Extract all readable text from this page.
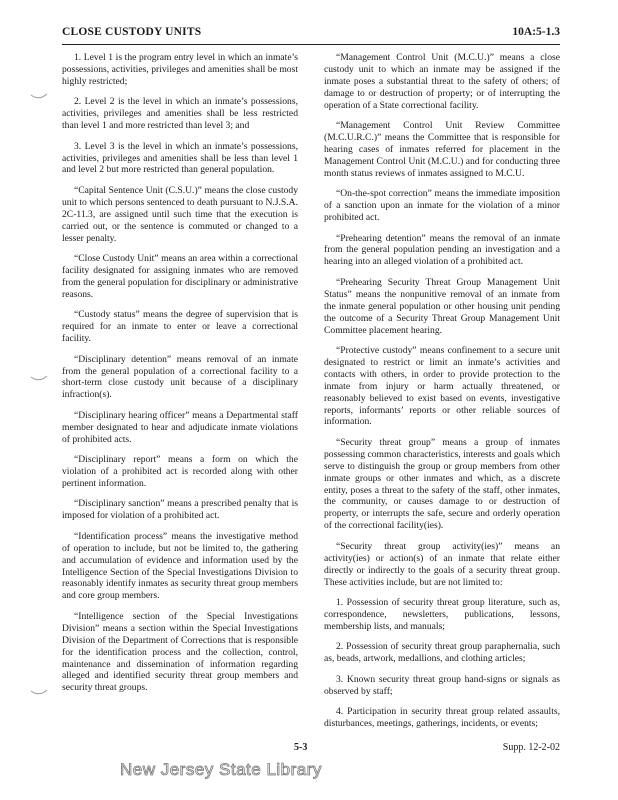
CLOSE CUSTODY UNITS	10A:5-1.3

1. Level 1 is the program entry level in which an inmate’s possessions, activities, privileges and amenities shall be most highly restricted;

2. Level 2 is the level in which an inmate’s possessions, activities, privileges and amenities shall be less restricted than level 1 and more restricted than level 3; and

3. Level 3 is the level in which an inmate’s possessions, activities, privileges and amenities shall be less than level 1 and level 2 but more restricted than general population.

“Capital Sentence Unit (C.S.U.)” means the close custody unit to which persons sentenced to death pursuant to N.J.S.A. 2C-11.3, are assigned until such time that the execution is carried out, or the sentence is commuted or changed to a lesser penalty.

“Close Custody Unit” means an area within a correctional facility designated for assigning inmates who are removed from the general population for disciplinary or administrative reasons.

“Custody status” means the degree of supervision that is required for an inmate to enter or leave a correctional facility.

“Disciplinary detention” means removal of an inmate from the general population of a correctional facility to a short-term close custody unit because of a disciplinary infraction(s).

“Disciplinary hearing officer” means a Departmental staff member designated to hear and adjudicate inmate violations of prohibited acts.

“Disciplinary report” means a form on which the violation of a prohibited act is recorded along with other pertinent information.

“Disciplinary sanction” means a prescribed penalty that is imposed for violation of a prohibited act.

“Identification process” means the investigative method of operation to include, but not be limited to, the gathering and accumulation of evidence and information used by the Intelligence Section of the Special Investigations Division to reasonably identify inmates as security threat group members and core group members.

“Intelligence section of the Special Investigations Division” means a section within the Special Investigations Division of the Department of Corrections that is responsible for the identification process and the collection, control, maintenance and dissemination of information regarding alleged and identified security threat group members and security threat groups.

“Management Control Unit (M.C.U.)” means a close custody unit to which an inmate may be assigned if the inmate poses a substantial threat to the safety of others; of damage to or destruction of property; or of interrupting the operation of a State correctional facility.

“Management Control Unit Review Committee (M.C.U.R.C.)” means the Committee that is responsible for hearing cases of inmates referred for placement in the Management Control Unit (M.C.U.) and for conducting three month status reviews of inmates assigned to M.C.U.

“On-the-spot correction” means the immediate imposition of a sanction upon an inmate for the violation of a minor prohibited act.

“Prehearing detention” means the removal of an inmate from the general population pending an investigation and a hearing into an alleged violation of a prohibited act.

“Prehearing Security Threat Group Management Unit Status” means the nonpunitive removal of an inmate from the inmate general population or other housing unit pending the outcome of a Security Threat Group Management Unit Committee placement hearing.

“Protective custody” means confinement to a secure unit designated to restrict or limit an inmate’s activities and contacts with others, in order to provide protection to the inmate from injury or harm actually threatened, or reasonably believed to exist based on events, investigative reports, informants’ reports or other reliable sources of information.

“Security threat group” means a group of inmates possessing common characteristics, interests and goals which serve to distinguish the group or group members from other inmate groups or other inmates and which, as a discrete entity, poses a threat to the safety of the staff, other inmates, the community, or causes damage to or destruction of property, or interrupts the safe, secure and orderly operation of the correctional facility(ies).

“Security threat group activity(ies)” means an activity(ies) or action(s) of an inmate that relate either directly or indirectly to the goals of a security threat group. These activities include, but are not limited to:

1. Possession of security threat group literature, such as, correspondence, newsletters, publications, lessons, membership lists, and manuals;

2. Possession of security threat group paraphernalia, such as, beads, artwork, medallions, and clothing articles;

3. Known security threat group hand-signs or signals as observed by staff;

4. Participation in security threat group related assaults, disturbances, meetings, gatherings, incidents, or events;

5-3	Supp. 12-2-02
New Jersey State Library
